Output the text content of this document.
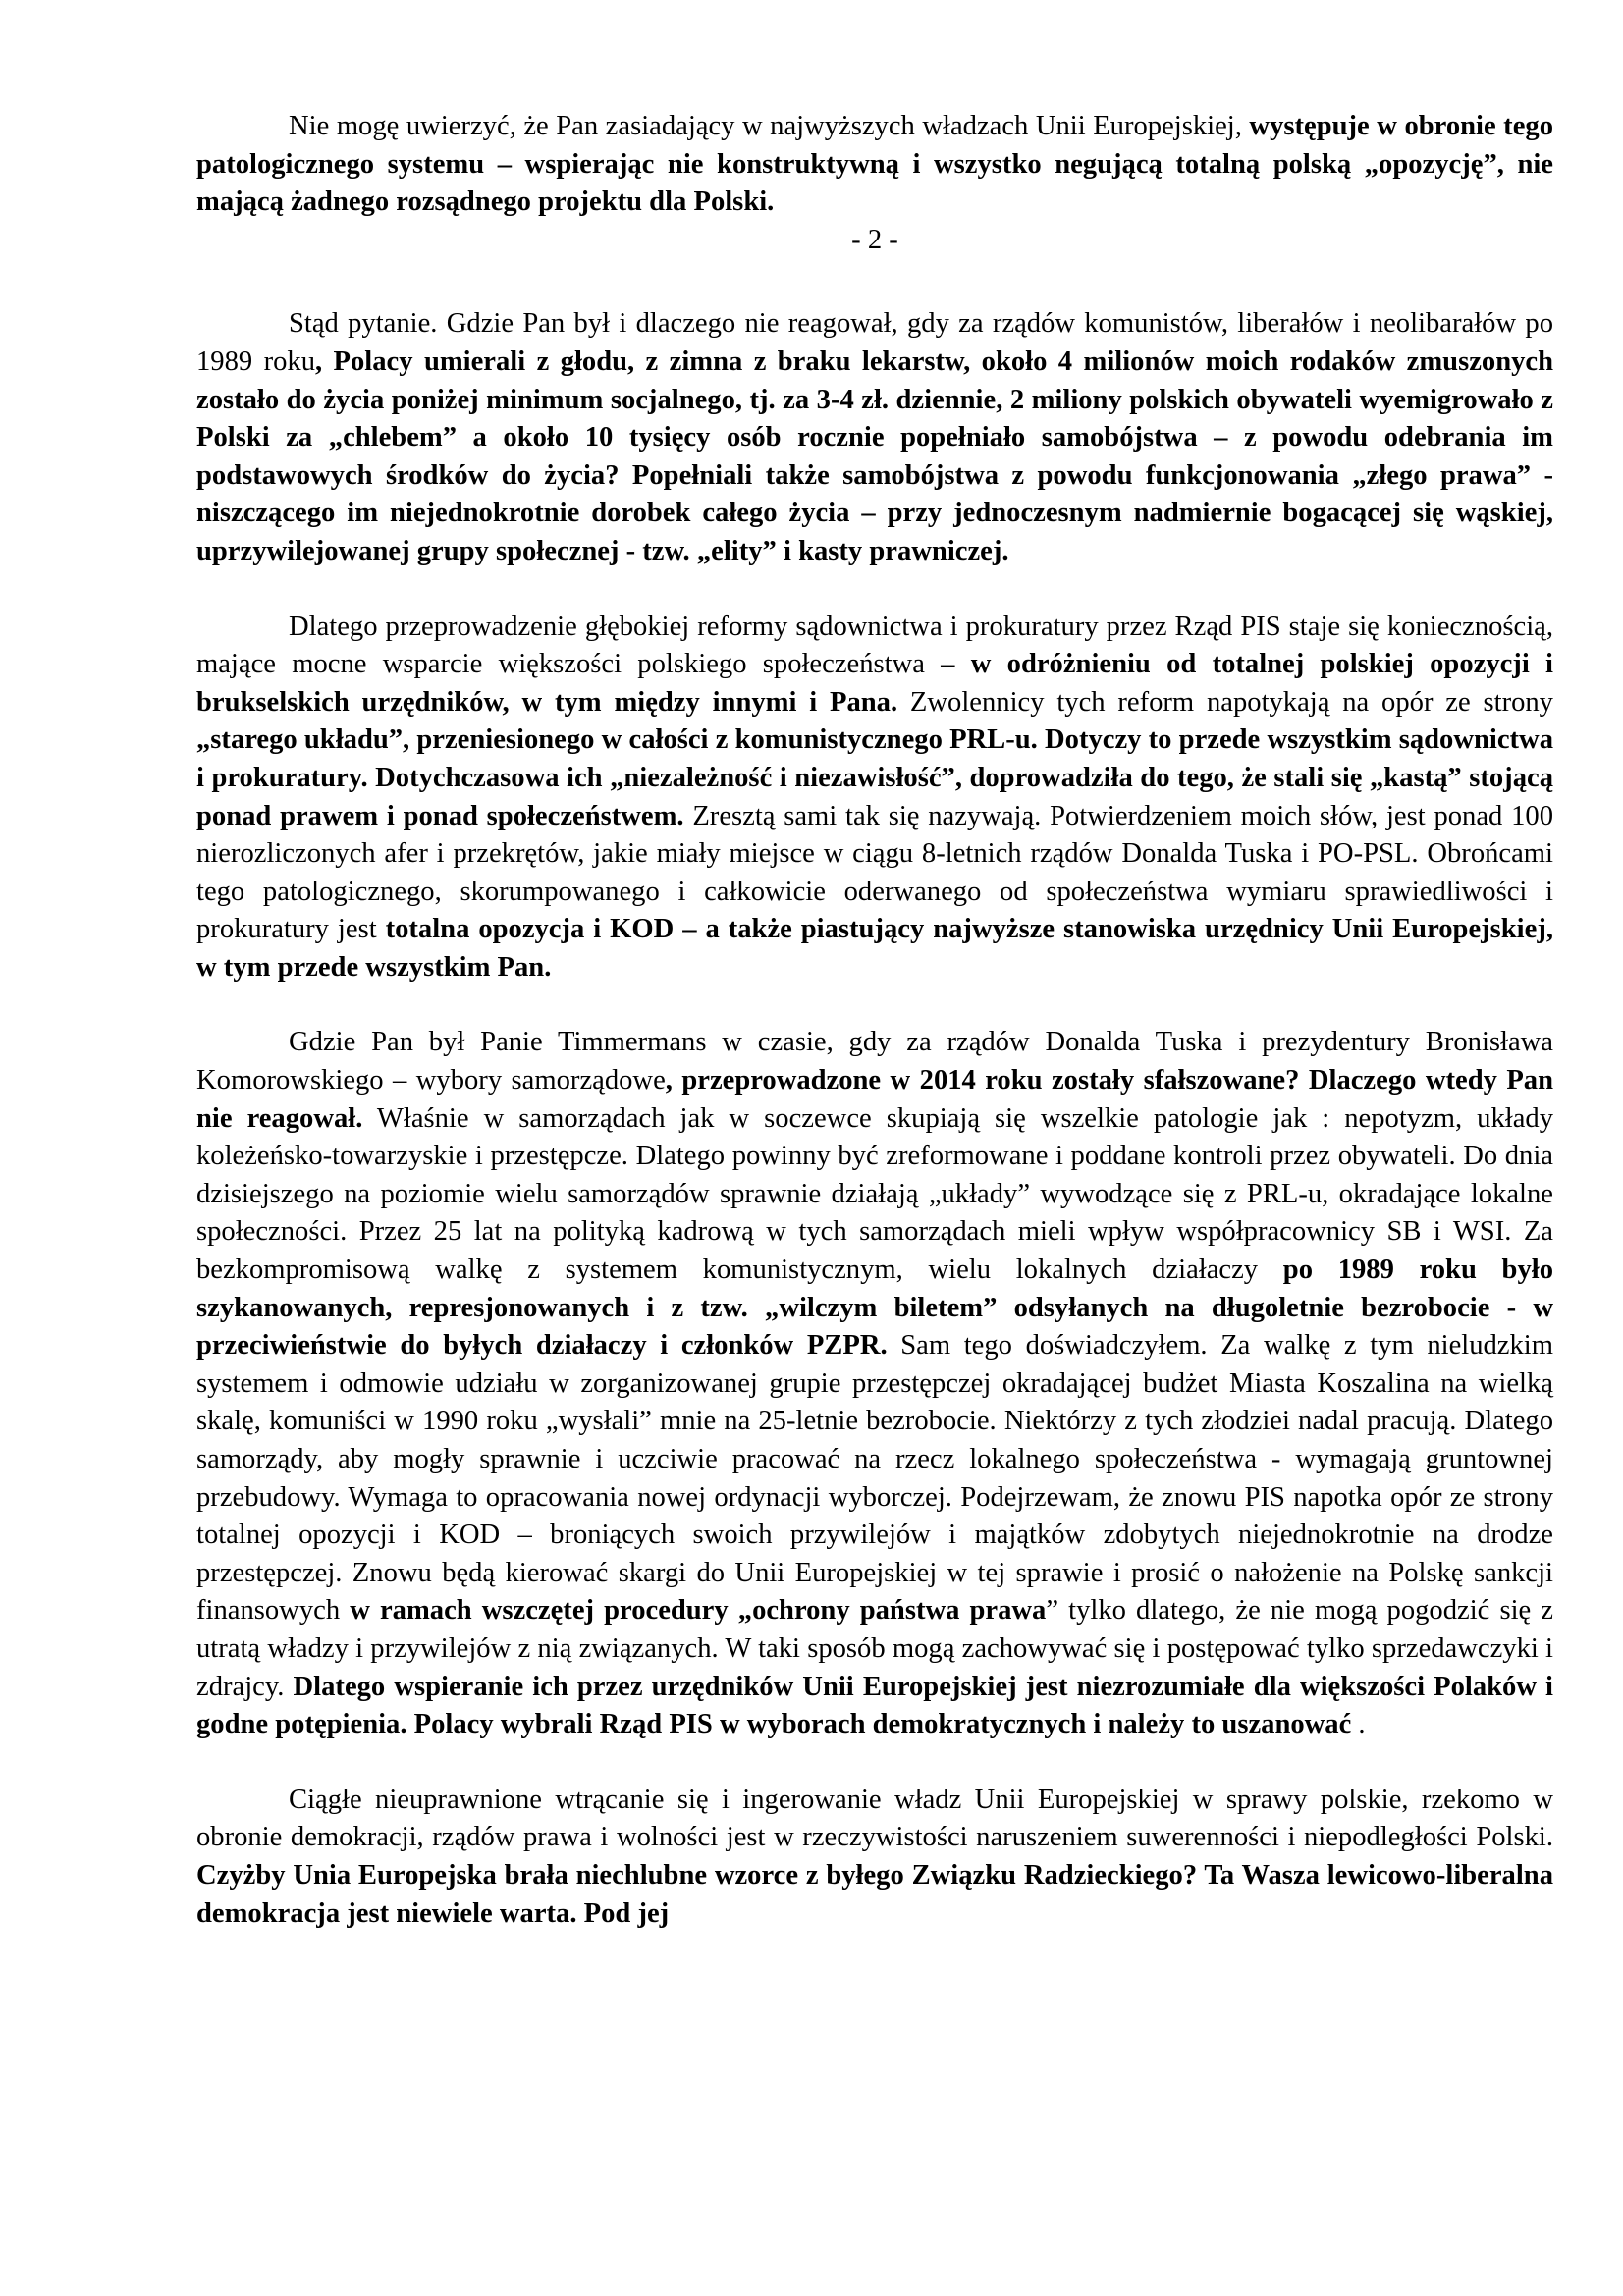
Nie mogę uwierzyć, że Pan zasiadający w najwyższych władzach Unii Europejskiej, występuje w obronie tego patologicznego systemu – wspierając nie konstruktywną i wszystko negującą totalną polską „opozycję”, nie mającą żadnego rozsądnego projektu dla Polski.

- 2 -

Stąd pytanie. Gdzie Pan był i dlaczego nie reagował, gdy za rządów komunistów, liberałów i neolibarałów po 1989 roku, Polacy umierali z głodu, z zimna z braku lekarstw, około 4 milionów moich rodaków zmuszonych zostało do życia poniżej minimum socjalnego, tj. za 3-4 zł. dziennie, 2 miliony polskich obywateli wyemigrowało z Polski za „chlebem” a około 10 tysięcy osób rocznie popełniało samobójstwa – z powodu odebrania im podstawowych środków do życia? Popełniali także samobójstwa z powodu funkcjonowania „złego prawa” - niszczącego im niejednokrotnie dorobek całego życia – przy jednoczesnym nadmiernie bogacącej się wąskiej, uprzywilejowanej grupy społecznej - tzw. „elity” i kasty prawniczej.

Dlatego przeprowadzenie głębokiej reformy sądownictwa i prokuratury przez Rząd PIS staje się koniecznością, mające mocne wsparcie większości polskiego społeczeństwa – w odróżnieniu od totalnej polskiej opozycji i brukselskich urzędników, w tym między innymi i Pana. Zwolennicy tych reform napotykają na opór ze strony „starego układu”, przeniesionego w całości z komunistycznego PRL-u. Dotyczy to przede wszystkim sądownictwa i prokuratury. Dotychczasowa ich „niezależność i niezawisłość”, doprowadziła do tego, że stali się „kastą” stojącą ponad prawem i ponad społeczeństwem. Zresztą sami tak się nazywają. Potwierdzeniem moich słów, jest ponad 100 nierozliczonych afer i przekrętów, jakie miały miejsce w ciągu 8-letnich rządów Donalda Tuska i PO-PSL. Obrońcami tego patologicznego, skorumpowanego i całkowicie oderwanego od społeczeństwa wymiaru sprawiedliwości i prokuratury jest totalna opozycja i KOD – a także piastujący najwyższe stanowiska urzędnicy Unii Europejskiej, w tym przede wszystkim Pan.

Gdzie Pan był Panie Timmermans w czasie, gdy za rządów Donalda Tuska i prezydentury Bronisława Komorowskiego – wybory samorządowe, przeprowadzone w 2014 roku zostały sfałszowane? Dlaczego wtedy Pan nie reagował. Właśnie w samorządach jak w soczewce skupiają się wszelkie patologie jak : nepotyzm, układy koleżeńsko-towarzyskie i przestępcze. Dlatego powinny być zreformowane i poddane kontroli przez obywateli. Do dnia dzisiejszego na poziomie wielu samorządów sprawnie działają „układy” wywodzące się z PRL-u, okradające lokalne społeczności. Przez 25 lat na polityką kadrową w tych samorządach mieli wpływ współpracownicy SB i WSI. Za bezkompromisową walkę z systemem komunistycznym, wielu lokalnych działaczy po 1989 roku było szykanowanych, represjonowanych i z tzw. „wilczym biletem” odsyłanych na długoletnie bezrobocie - w przeciwieństwie do byłych działaczy i członków PZPR. Sam tego doświadczyłem. Za walkę z tym nieludzkim systemem i odmowie udziału w zorganizowanej grupie przestępczej okradającej budżet Miasta Koszalina na wielką skalę, komuniści w 1990 roku „wysłali” mnie na 25-letnie bezrobocie. Niektórzy z tych złodziei nadal pracują. Dlatego samorządy, aby mogły sprawnie i uczciwie pracować na rzecz lokalnego społeczeństwa - wymagają gruntownej przebudowy. Wymaga to opracowania nowej ordynacji wyborczej. Podejrzewam, że znowu PIS napotka opór ze strony totalnej opozycji i KOD – broniących swoich przywilejów i majątków zdobytych niejednokrotnie na drodze przestępczej. Znowu będą kierować skargi do Unii Europejskiej w tej sprawie i prosić o nałożenie na Polskę sankcji finansowych w ramach wszczętej procedury „ochrony państwa prawa” tylko dlatego, że nie mogą pogodzić się z utratą władzy i przywilejów z nią związanych. W taki sposób mogą zachowywać się i postępować tylko sprzedawczyki i zdrajcy. Dlatego wspieranie ich przez urzędników Unii Europejskiej jest niezrozumiałe dla większości Polaków i godne potępienia. Polacy wybrali Rząd PIS w wyborach demokratycznych i należy to uszanować .

Ciągłe nieuprawnione wtrącanie się i ingerowanie władz Unii Europejskiej w sprawy polskie, rzekomo w obronie demokracji, rządów prawa i wolności jest w rzeczywistości naruszeniem suwerenności i niepodległości Polski. Czyżby Unia Europejska brała niechlubne wzorce z byłego Związku Radzieckiego? Ta Wasza lewicowo-liberalna demokracja jest niewiele warta. Pod jej
